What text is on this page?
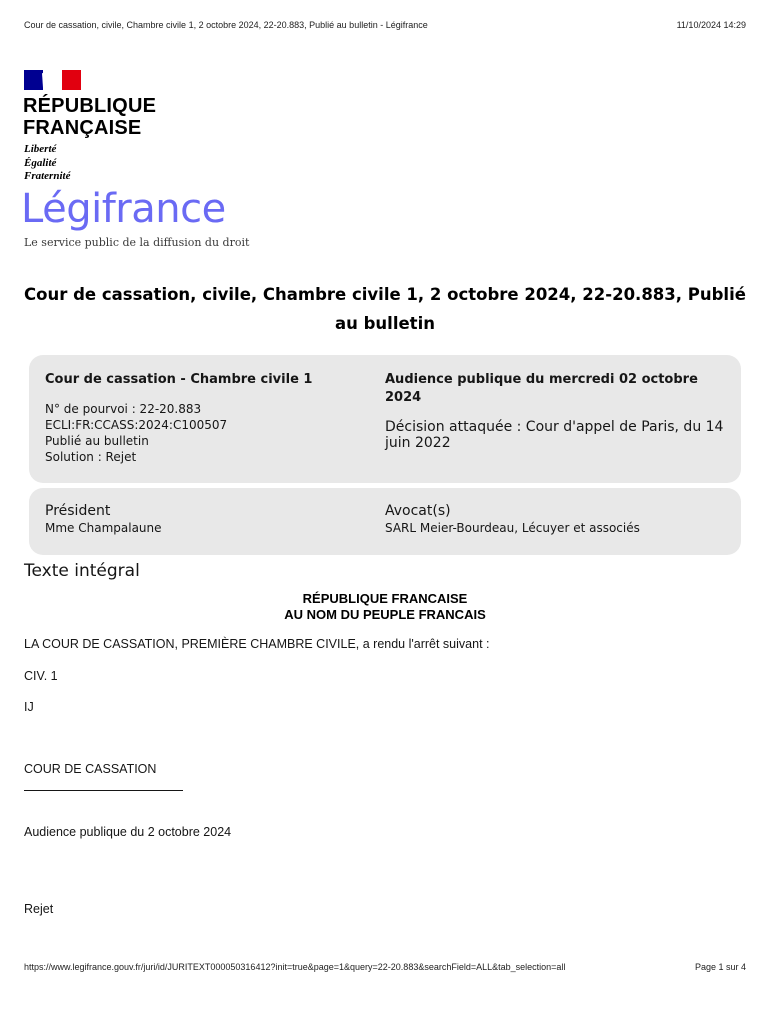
Cour de cassation, civile, Chambre civile 1, 2 octobre 2024, 22-20.883, Publié au bulletin - Légifrance	11/10/2024 14:29
RÉPUBLIQUE
FRANÇAISE
Liberté
Égalité
Fraternité
Légifrance
Le service public de la diffusion du droit
Cour de cassation, civile, Chambre civile 1, 2 octobre 2024, 22-20.883, Publié au bulletin
Cour de cassation - Chambre civile 1
N° de pourvoi : 22-20.883
ECLI:FR:CCASS:2024:C100507
Publié au bulletin
Solution : Rejet
Audience publique du mercredi 02 octobre 2024
Décision attaquée : Cour d'appel de Paris, du 14 juin 2022
Président
Mme Champalaune
Avocat(s)
SARL Meier-Bourdeau, Lécuyer et associés
Texte intégral
RÉPUBLIQUE FRANCAISE
AU NOM DU PEUPLE FRANCAIS
LA COUR DE CASSATION, PREMIÈRE CHAMBRE CIVILE, a rendu l'arrêt suivant :
CIV. 1
IJ
COUR DE CASSATION
Audience publique du 2 octobre 2024
Rejet
https://www.legifrance.gouv.fr/juri/id/JURITEXT000050316412?init=true&page=1&query=22-20.883&searchField=ALL&tab_selection=all	Page 1 sur 4
